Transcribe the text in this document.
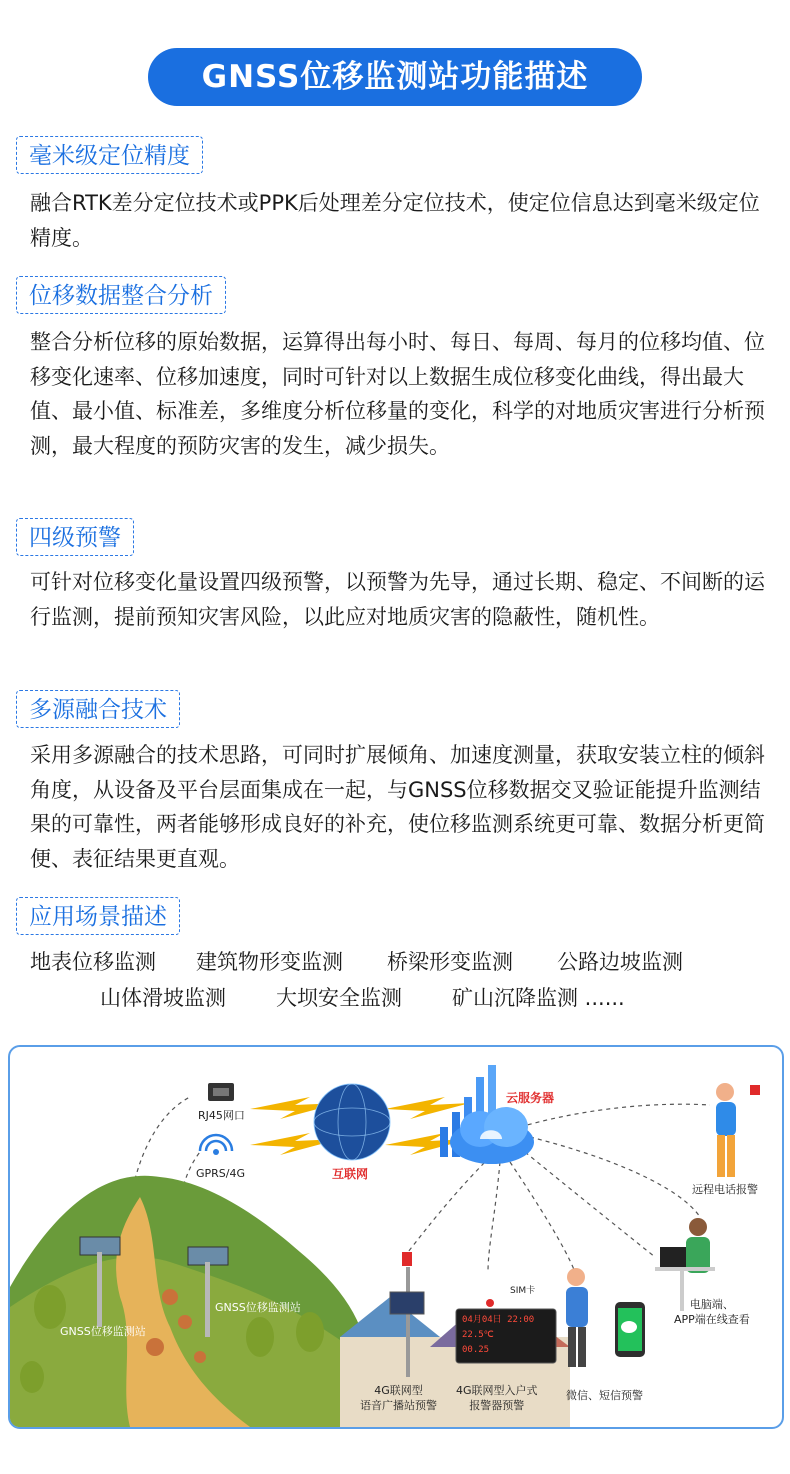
GNSS位移监测站功能描述
毫米级定位精度
融合RTK差分定位技术或PPK后处理差分定位技术，使定位信息达到毫米级定位精度。
位移数据整合分析
整合分析位移的原始数据，运算得出每小时、每日、每周、每月的位移均值、位移变化速率、位移加速度，同时可针对以上数据生成位移变化曲线，得出最大值、最小值、标准差，多维度分析位移量的变化，科学的对地质灾害进行分析预测，最大程度的预防灾害的发生，减少损失。
四级预警
可针对位移变化量设置四级预警，以预警为先导，通过长期、稳定、不间断的运行监测，提前预知灾害风险，以此应对地质灾害的隐蔽性，随机性。
多源融合技术
采用多源融合的技术思路，可同时扩展倾角、加速度测量，获取安装立柱的倾斜角度，从设备及平台层面集成在一起，与GNSS位移数据交叉验证能提升监测结果的可靠性，两者能够形成良好的补充，使位移监测系统更可靠、数据分析更简便、表征结果更直观。
应用场景描述
地表位移监测 建筑物形变监测 桥梁形变监测 公路边坡监测
山体滑坡监测 大坝安全监测 矿山沉降监测 ......
RJ45网口
GPRS/4G	互联网
云服务器
远程电话报警
GNSS位移监测站
GNSS位移监测站	电脑端、
APP端在线查看
微信、短信预警
4G联网型
语音广播站预警
4G联网型入户式
报警器预警
SIM卡
04月04日 22:00
22.5℃
00.25
